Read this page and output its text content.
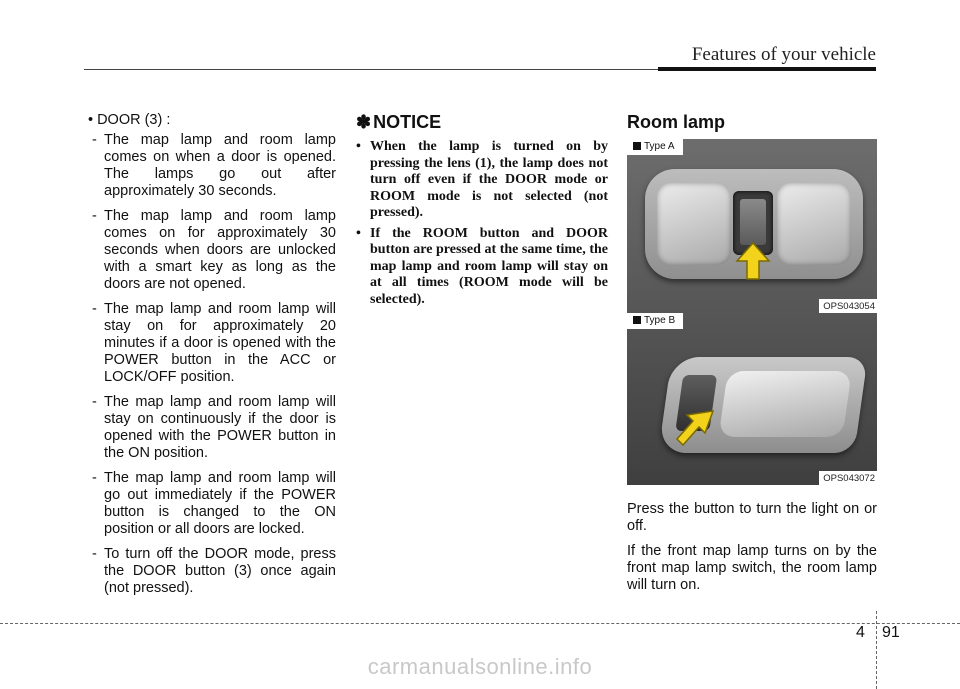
Features of your vehicle
• DOOR (3) :
- The map lamp and room lamp comes on when a door is opened. The lamps go out after approximately 30 seconds.
- The map lamp and room lamp comes on for approximately 30 seconds when doors are unlocked with a smart key as long as the doors are not opened.
- The map lamp and room lamp will stay on for approximately 20 minutes if a door is opened with the POWER button in the ACC or LOCK/OFF position.
- The map lamp and room lamp will stay on continuously if the door is opened with the POWER button in the ON position.
- The map lamp and room lamp will go out immediately if the POWER button is changed to the ON position or all doors are locked.
- To turn off the DOOR mode, press the DOOR button (3) once again (not pressed).
✽ NOTICE
• When the lamp is turned on by pressing the lens (1), the lamp does not turn off even if the DOOR mode or ROOM mode is not selected (not pressed).
• If the ROOM button and DOOR button are pressed at the same time, the map lamp and room lamp will stay on at all times (ROOM mode will be selected).
Room lamp
Type A
OPS043054
Type B
OPS043072

Press the button to turn the light on or off.

If the front map lamp turns on by the front map lamp switch, the room lamp will turn on.

4 91
carmanualsonline.info
